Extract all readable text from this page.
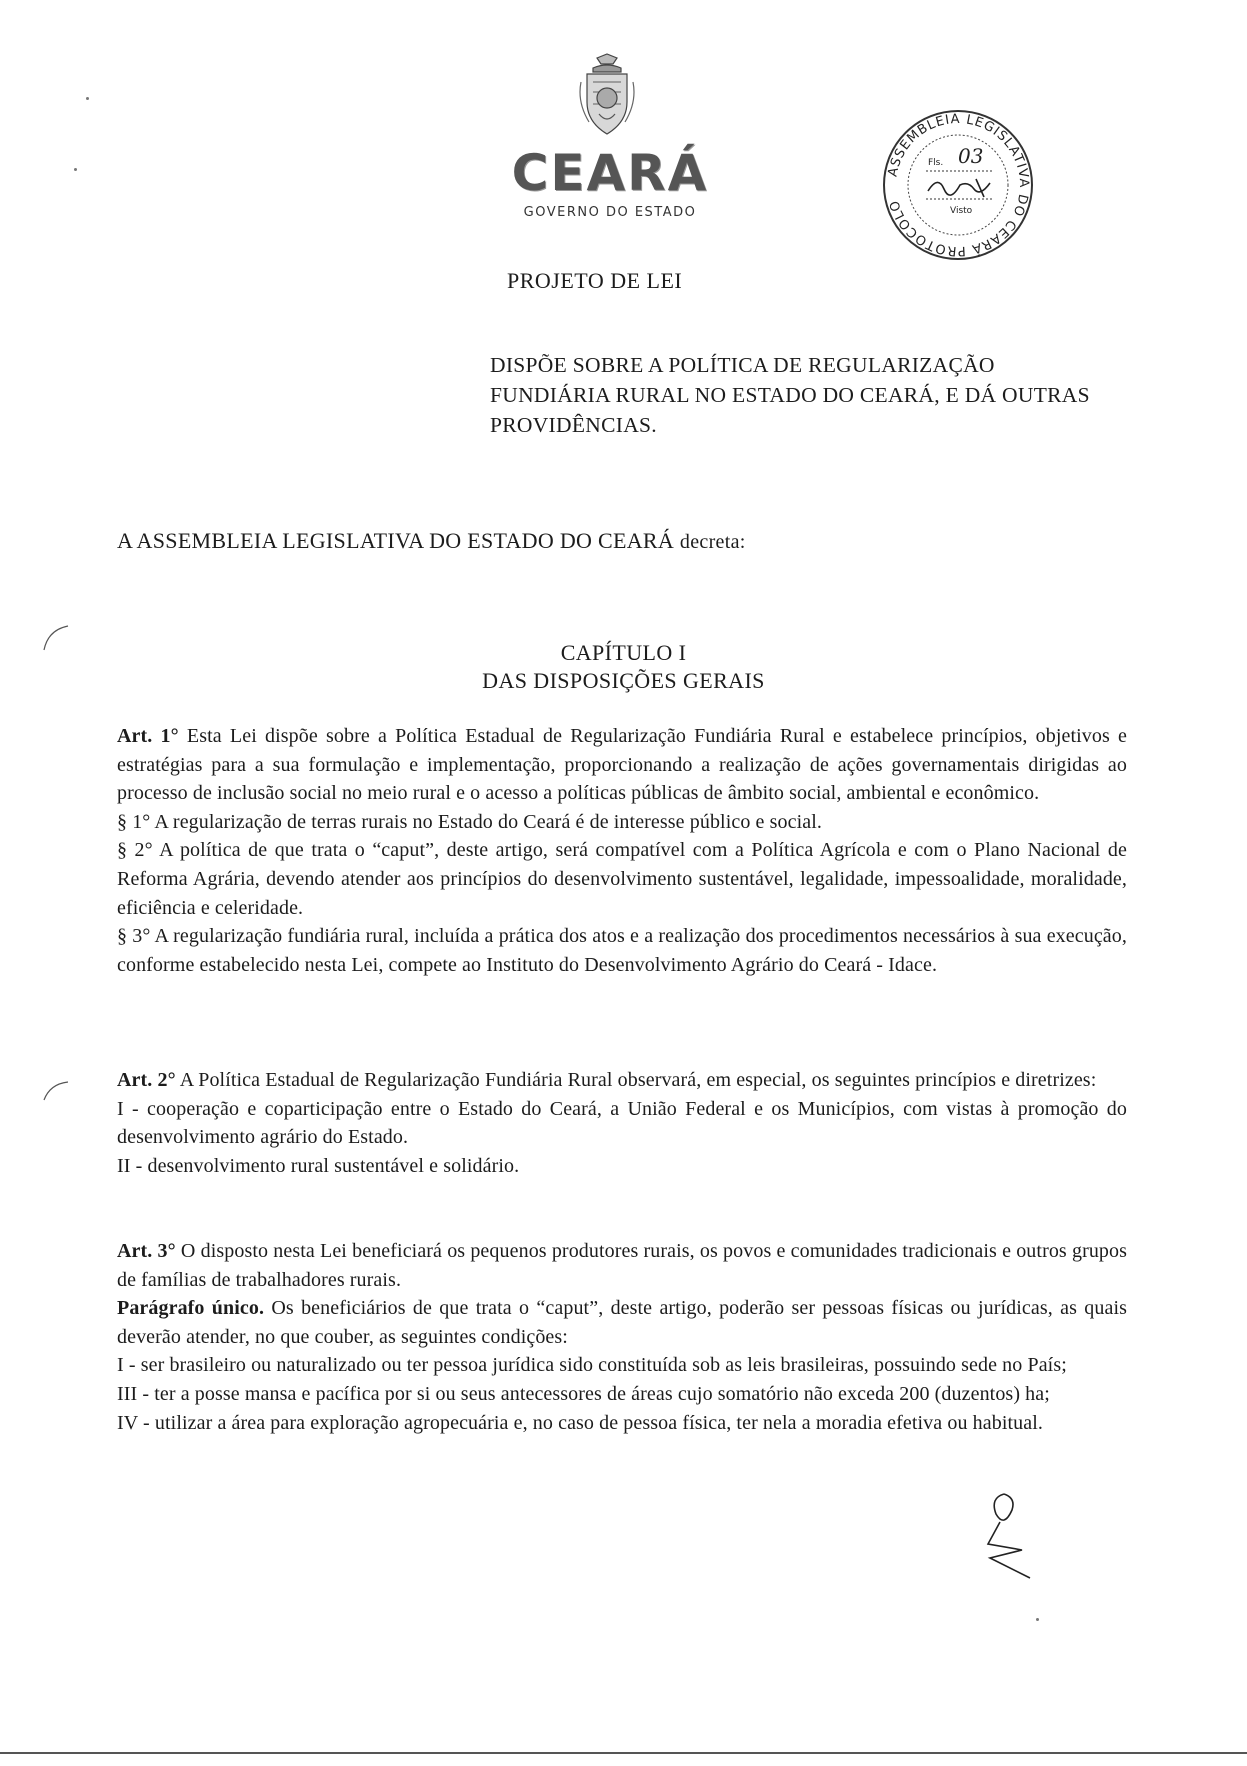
CEARÁ
GOVERNO DO ESTADO
ASSEMBLEIA LEGISLATIVA DO CEARÁ PROTOCOLO
Fls. 03
Visto
PROJETO DE LEI
DISPÕE SOBRE A POLÍTICA DE REGULARIZAÇÃO FUNDIÁRIA RURAL NO ESTADO DO CEARÁ, E DÁ OUTRAS PROVIDÊNCIAS.
A ASSEMBLEIA LEGISLATIVA DO ESTADO DO CEARÁ decreta:
CAPÍTULO I
DAS DISPOSIÇÕES GERAIS

Art. 1° Esta Lei dispõe sobre a Política Estadual de Regularização Fundiária Rural e estabelece princípios, objetivos e estratégias para a sua formulação e implementação, proporcionando a realização de ações governamentais dirigidas ao processo de inclusão social no meio rural e o acesso a políticas públicas de âmbito social, ambiental e econômico.

§ 1° A regularização de terras rurais no Estado do Ceará é de interesse público e social.

§ 2° A política de que trata o “caput”, deste artigo, será compatível com a Política Agrícola e com o Plano Nacional de Reforma Agrária, devendo atender aos princípios do desenvolvimento sustentável, legalidade, impessoalidade, moralidade, eficiência e celeridade.

§ 3° A regularização fundiária rural, incluída a prática dos atos e a realização dos procedimentos necessários à sua execução, conforme estabelecido nesta Lei, compete ao Instituto do Desenvolvimento Agrário do Ceará - Idace.

Art. 2° A Política Estadual de Regularização Fundiária Rural observará, em especial, os seguintes princípios e diretrizes:

I - cooperação e coparticipação entre o Estado do Ceará, a União Federal e os Municípios, com vistas à promoção do desenvolvimento agrário do Estado.

II - desenvolvimento rural sustentável e solidário.

Art. 3° O disposto nesta Lei beneficiará os pequenos produtores rurais, os povos e comunidades tradicionais e outros grupos de famílias de trabalhadores rurais.

Parágrafo único. Os beneficiários de que trata o “caput”, deste artigo, poderão ser pessoas físicas ou jurídicas, as quais deverão atender, no que couber, as seguintes condições:

I - ser brasileiro ou naturalizado ou ter pessoa jurídica sido constituída sob as leis brasileiras, possuindo sede no País;

III - ter a posse mansa e pacífica por si ou seus antecessores de áreas cujo somatório não exceda 200 (duzentos) ha;

IV - utilizar a área para exploração agropecuária e, no caso de pessoa física, ter nela a moradia efetiva ou habitual.
